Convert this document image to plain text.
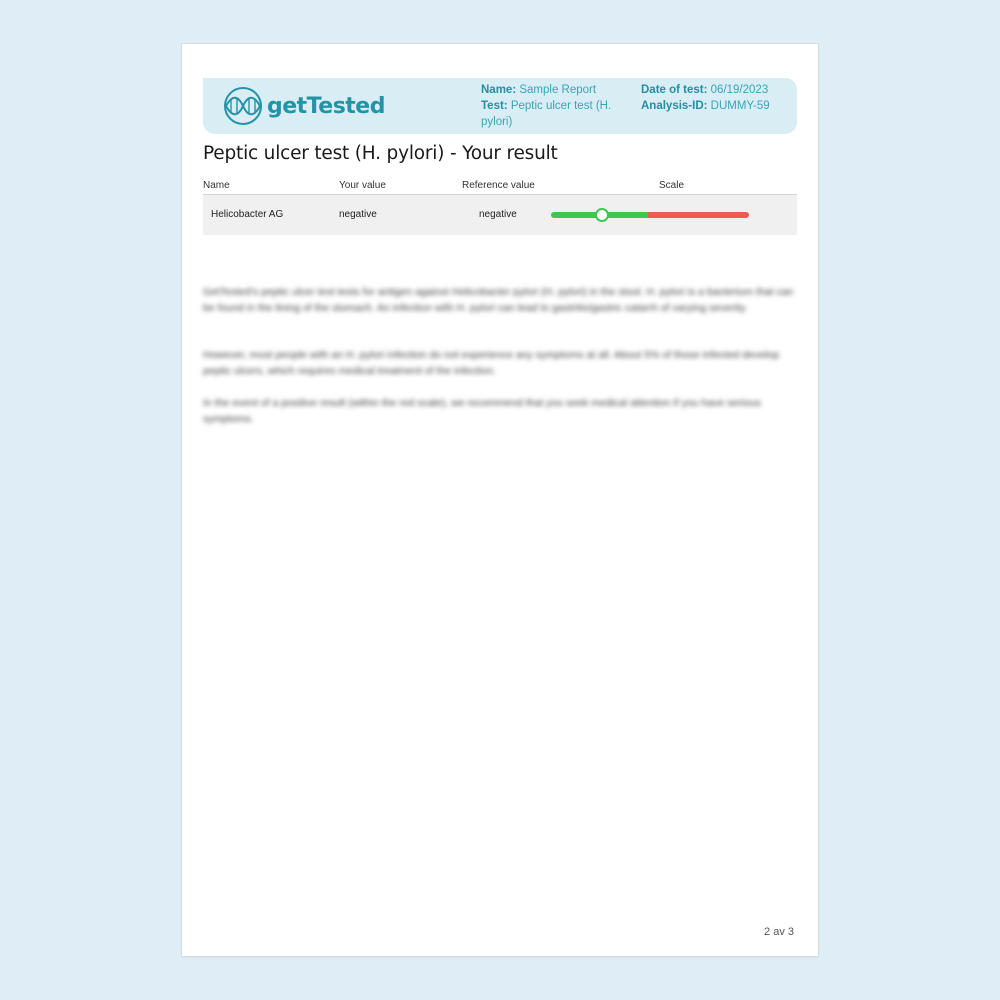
getTested
Name: Sample Report
Test: Peptic ulcer test (H. pylori)
Date of test: 06/19/2023
Analysis-ID: DUMMY-59
Peptic ulcer test (H. pylori) - Your result
Name	Your value	Reference value	Scale
Helicobacter AG	negative	negative

GetTested's peptic ulcer test tests for antigen against Helicobacter pylori (H. pylori) in the stool. H. pylori is a bacterium that can be found in the lining of the stomach. An infection with H. pylori can lead to gastritis/gastric catarrh of varying severity.

However, most people with an H. pylori infection do not experience any symptoms at all. About 5% of those infected develop peptic ulcers, which requires medical treatment of the infection.

In the event of a positive result (within the red scale), we recommend that you seek medical attention if you have serious symptoms.

2 av 3
